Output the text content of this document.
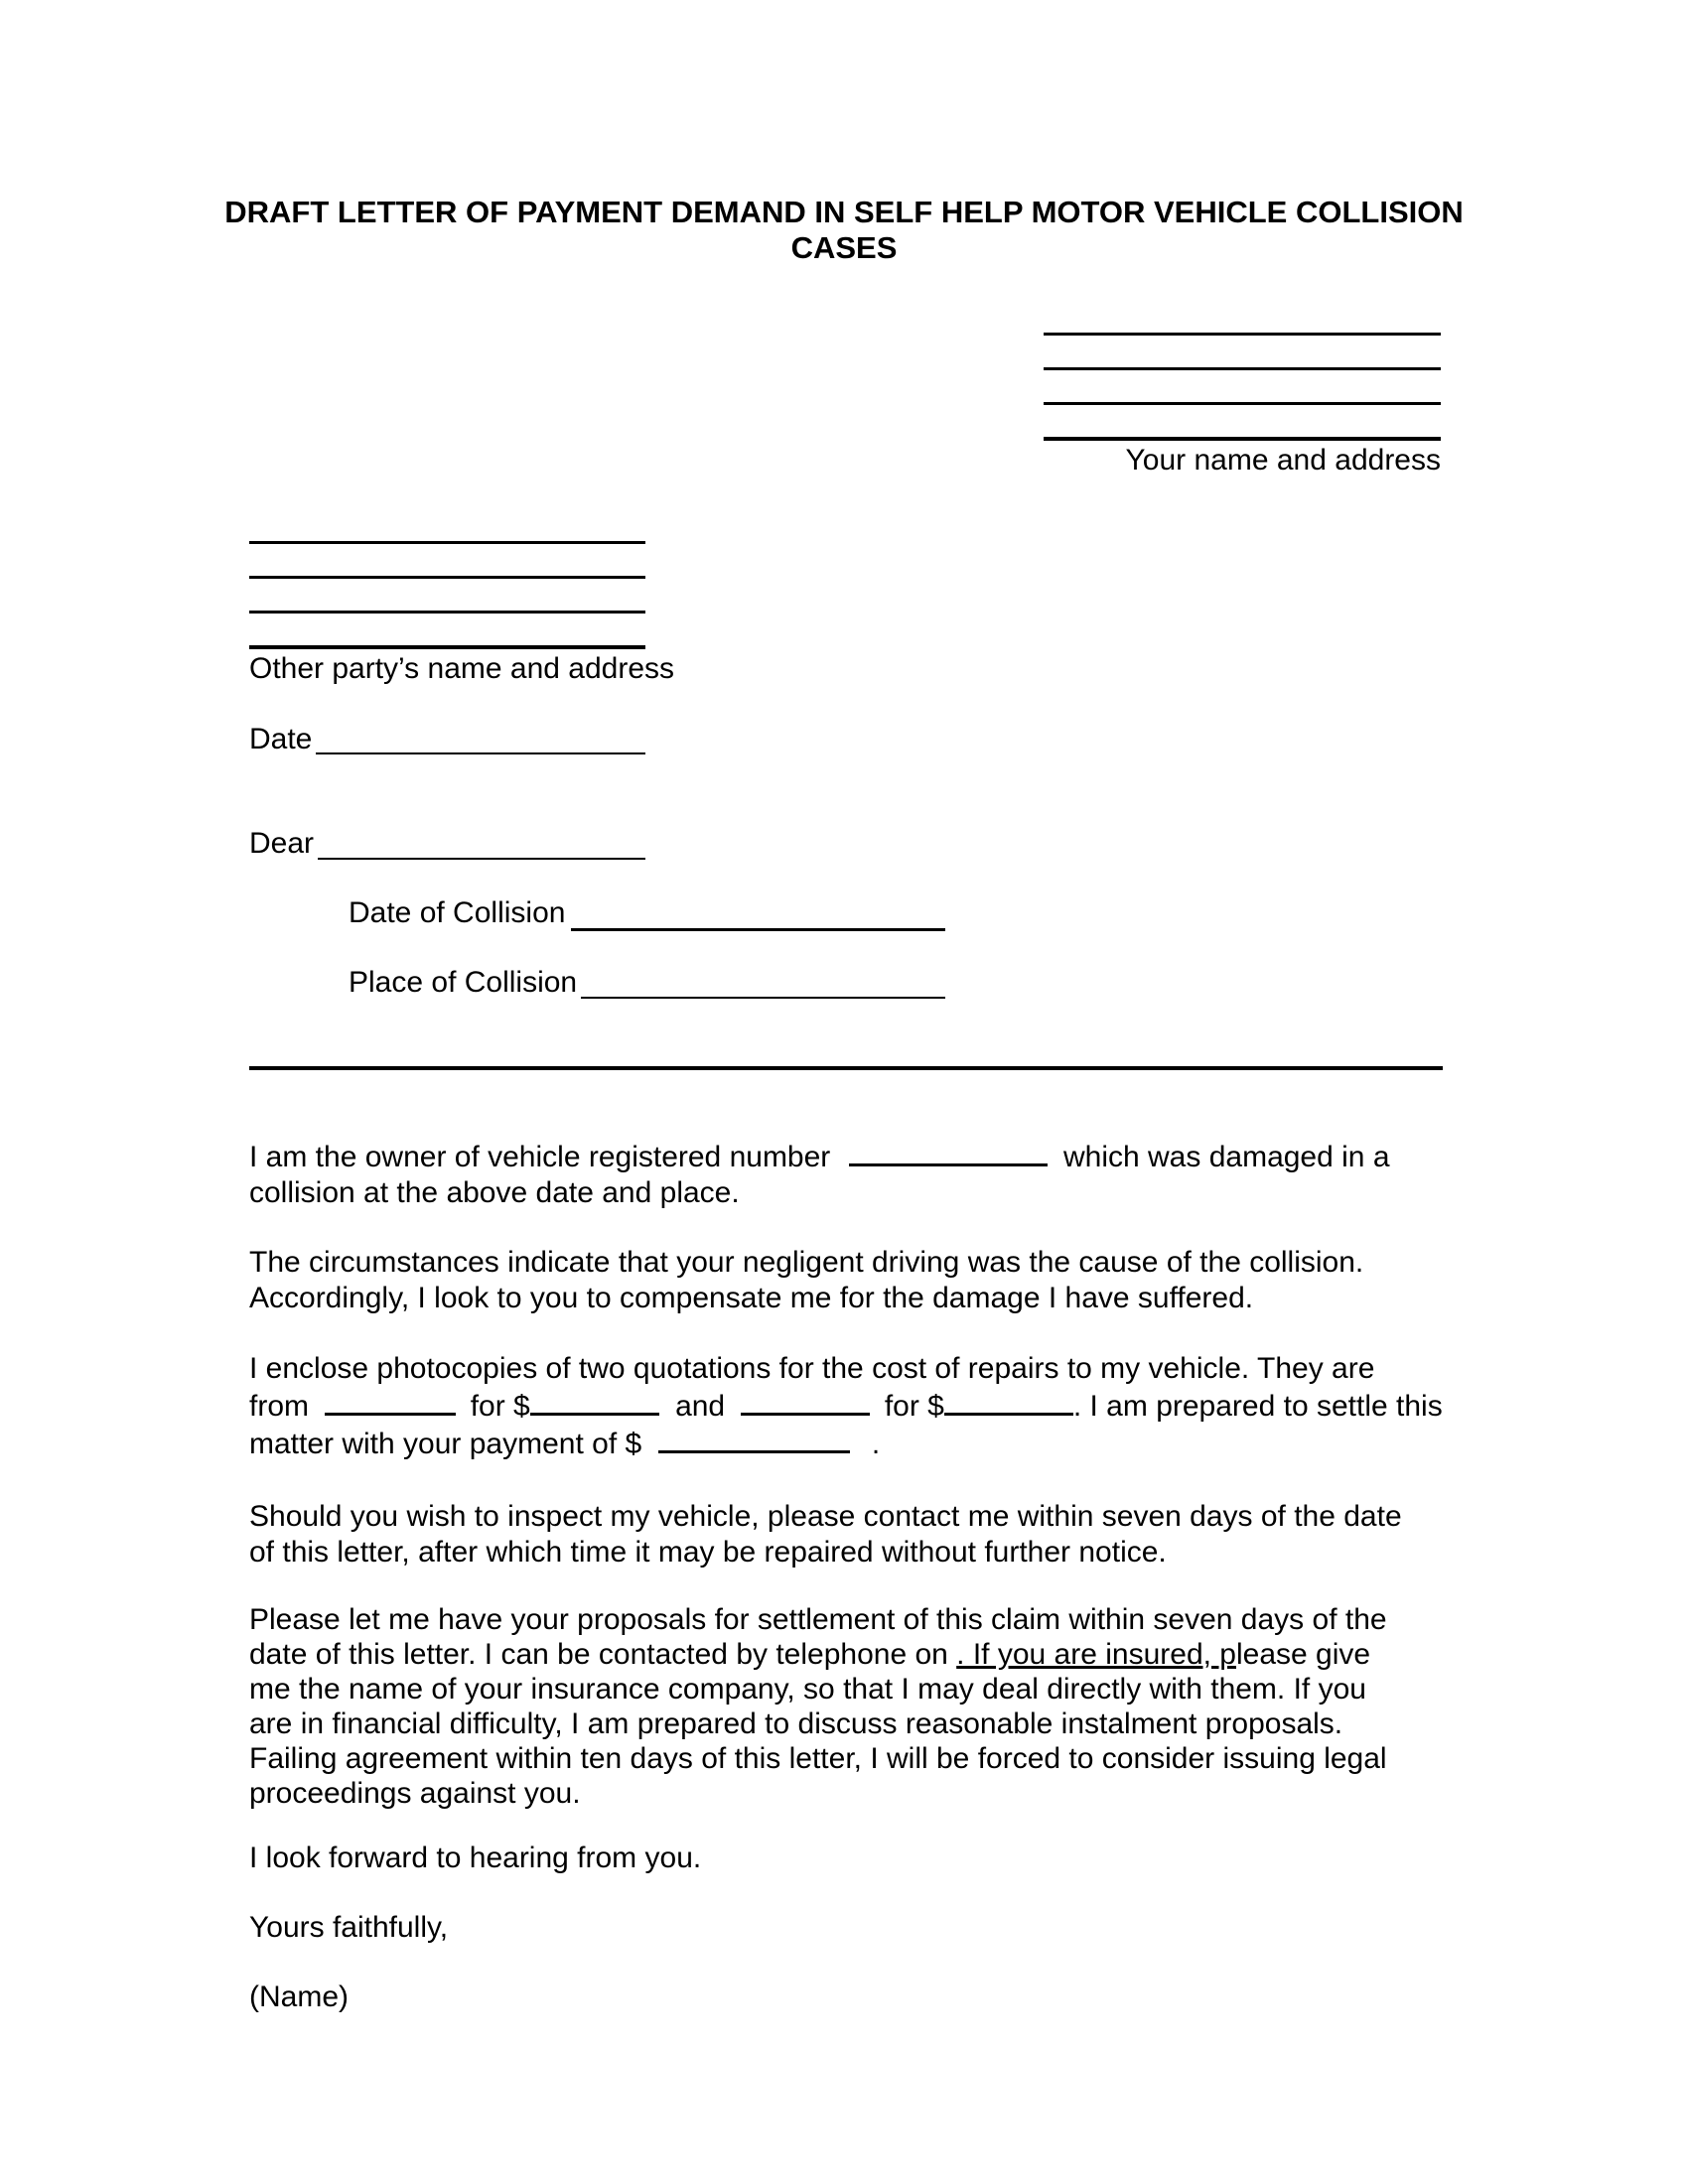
DRAFT LETTER OF PAYMENT DEMAND IN SELF HELP MOTOR VEHICLE COLLISION
CASES
Your name and address
Other party’s name and address
Date
Dear
Date of Collision
Place of Collision
I am the owner of vehicle registered number	which was damaged in a
collision at the above date and place.
The circumstances indicate that your negligent driving was the cause of the collision.
Accordingly, I look to you to compensate me for the damage I have suffered.
I enclose photocopies of two quotations for the cost of repairs to my vehicle. They are
from	for $	and	for $	. I am prepared to settle this
matter with your payment of $	.
Should you wish to inspect my vehicle, please contact me within seven days of the date
of this letter, after which time it may be repaired without further notice.
Please let me have your proposals for settlement of this claim within seven days of the
date of this letter. I can be contacted by telephone on . If you are insured, please give
me the name of your insurance company, so that I may deal directly with them. If you
are in financial difficulty, I am prepared to discuss reasonable instalment proposals.
Failing agreement within ten days of this letter, I will be forced to consider issuing legal
proceedings against you.
I look forward to hearing from you.
Yours faithfully,
(Name)
